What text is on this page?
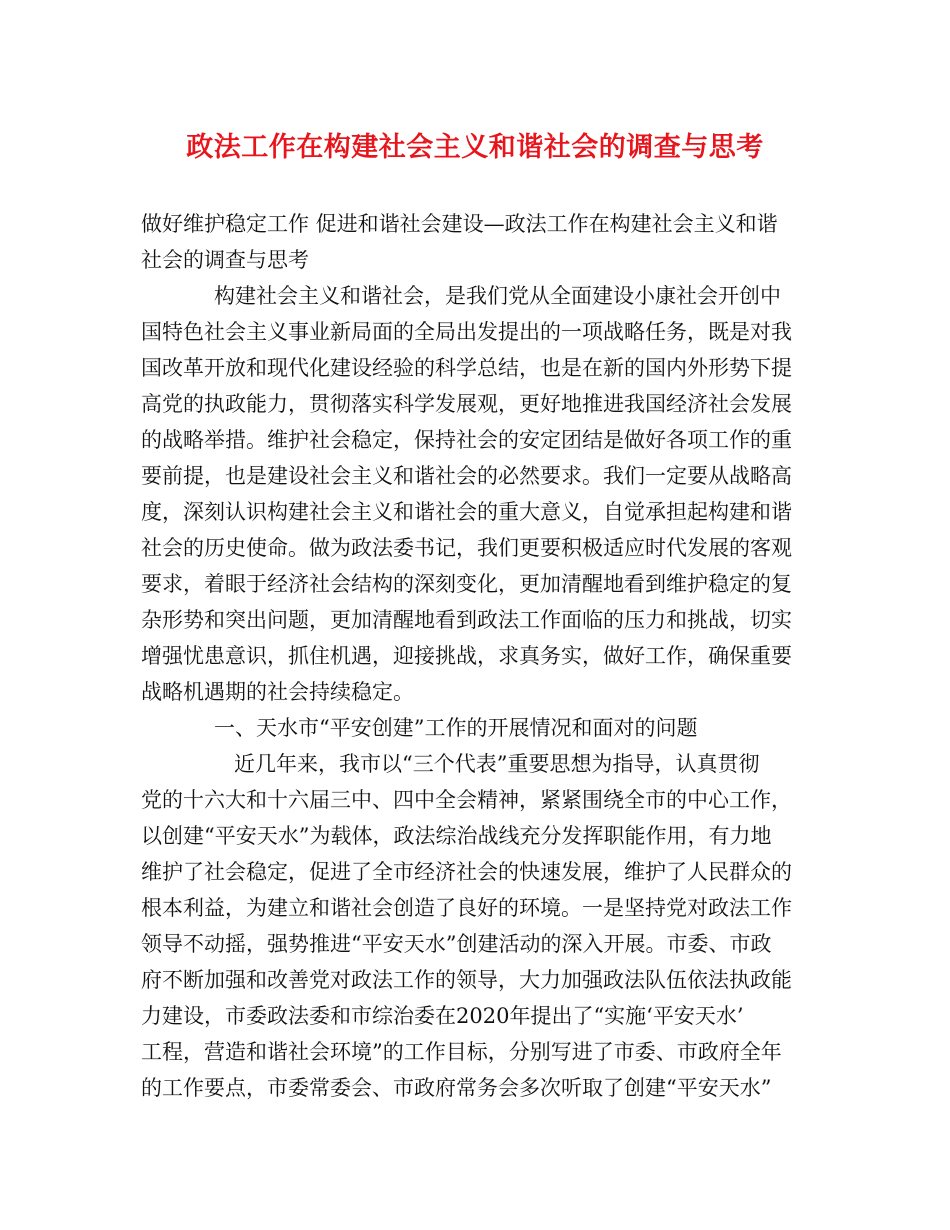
政法工作在构建社会主义和谐社会的调查与思考
做好维护稳定工作 促进和谐社会建设—政法工作在构建社会主义和谐
社会的调查与思考
构建社会主义和谐社会，是我们党从全面建设小康社会开创中
国特色社会主义事业新局面的全局出发提出的一项战略任务，既是对我
国改革开放和现代化建设经验的科学总结，也是在新的国内外形势下提
高党的执政能力，贯彻落实科学发展观，更好地推进我国经济社会发展
的战略举措。维护社会稳定，保持社会的安定团结是做好各项工作的重
要前提，也是建设社会主义和谐社会的必然要求。我们一定要从战略高
度，深刻认识构建社会主义和谐社会的重大意义，自觉承担起构建和谐
社会的历史使命。做为政法委书记，我们更要积极适应时代发展的客观
要求，着眼于经济社会结构的深刻变化，更加清醒地看到维护稳定的复
杂形势和突出问题，更加清醒地看到政法工作面临的压力和挑战，切实
增强忧患意识，抓住机遇，迎接挑战，求真务实，做好工作，确保重要
战略机遇期的社会持续稳定。
一、天水市“平安创建”工作的开展情况和面对的问题
近几年来，我市以“三个代表”重要思想为指导，认真贯彻
党的十六大和十六届三中、四中全会精神，紧紧围绕全市的中心工作，
以创建“平安天水”为载体，政法综治战线充分发挥职能作用，有力地
维护了社会稳定，促进了全市经济社会的快速发展，维护了人民群众的
根本利益，为建立和谐社会创造了良好的环境。一是坚持党对政法工作
领导不动摇，强势推进“平安天水”创建活动的深入开展。市委、市政
府不断加强和改善党对政法工作的领导，大力加强政法队伍依法执政能
力建设，市委政法委和市综治委在2020年提出了“实施‘平安天水’
工程，营造和谐社会环境”的工作目标，分别写进了市委、市政府全年
的工作要点，市委常委会、市政府常务会多次听取了创建“平安天水”
